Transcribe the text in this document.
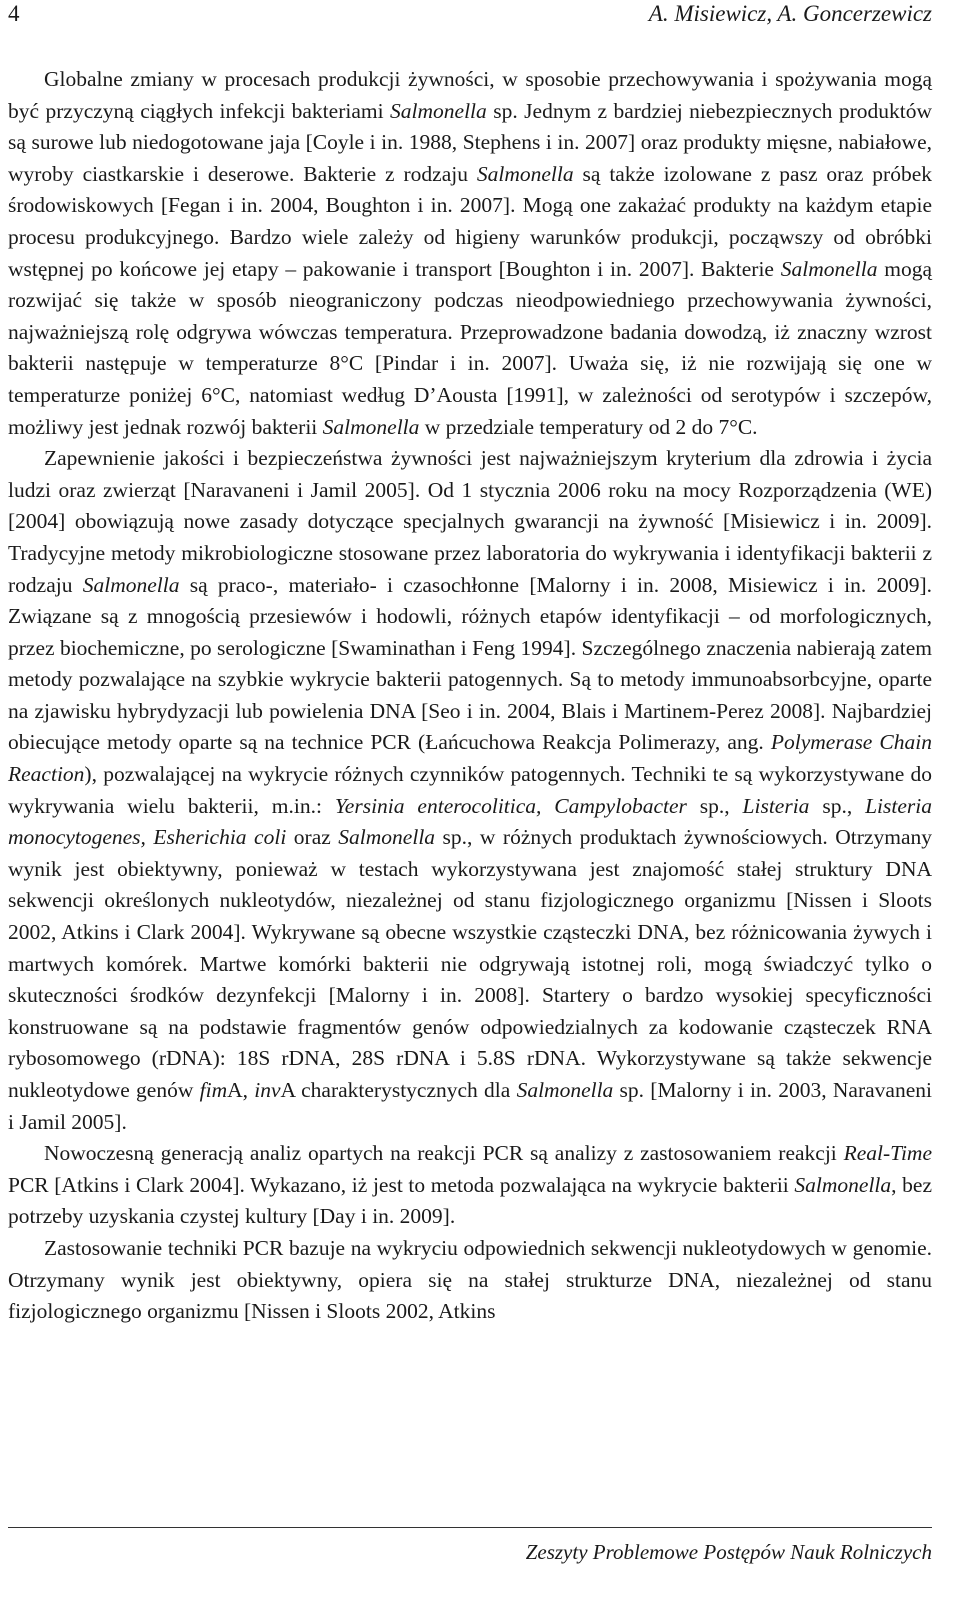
4	A. Misiewicz, A. Goncerzewicz

Globalne zmiany w procesach produkcji żywności, w sposobie przechowywania i spożywania mogą być przyczyną ciągłych infekcji bakteriami Salmonella sp. Jednym z bardziej niebezpiecznych produktów są surowe lub niedogotowane jaja [Coyle i in. 1988, Stephens i in. 2007] oraz produkty mięsne, nabiałowe, wyroby ciastkarskie i deserowe. Bakterie z rodzaju Salmonella są także izolowane z pasz oraz próbek środowiskowych [Fegan i in. 2004, Boughton i in. 2007]. Mogą one zakażać produkty na każdym etapie procesu produkcyjnego. Bardzo wiele zależy od higieny warunków produkcji, począwszy od obróbki wstępnej po końcowe jej etapy – pakowanie i transport [Boughton i in. 2007]. Bakterie Salmonella mogą rozwijać się także w sposób nieograniczony podczas nieodpowiedniego przechowywania żywności, najważniejszą rolę odgrywa wówczas temperatura. Przeprowadzone badania dowodzą, iż znaczny wzrost bakterii następuje w temperaturze 8°C [Pindar i in. 2007]. Uważa się, iż nie rozwijają się one w temperaturze poniżej 6°C, natomiast według D’Aousta [1991], w zależności od serotypów i szczepów, możliwy jest jednak rozwój bakterii Salmonella w przedziale temperatury od 2 do 7°C.

Zapewnienie jakości i bezpieczeństwa żywności jest najważniejszym kryterium dla zdrowia i życia ludzi oraz zwierząt [Naravaneni i Jamil 2005]. Od 1 stycznia 2006 roku na mocy Rozporządzenia (WE) [2004] obowiązują nowe zasady dotyczące specjalnych gwarancji na żywność [Misiewicz i in. 2009]. Tradycyjne metody mikrobiologiczne stosowane przez laboratoria do wykrywania i identyfikacji bakterii z rodzaju Salmonella są praco-, materiało- i czasochłonne [Malorny i in. 2008, Misiewicz i in. 2009]. Związane są z mnogością przesiewów i hodowli, różnych etapów identyfikacji – od morfologicznych, przez biochemiczne, po serologiczne [Swaminathan i Feng 1994]. Szczególnego znaczenia nabierają zatem metody pozwalające na szybkie wykrycie bakterii patogennych. Są to metody immunoabsorbcyjne, oparte na zjawisku hybrydyzacji lub powielenia DNA [Seo i in. 2004, Blais i Martinem-Perez 2008]. Najbardziej obiecujące metody oparte są na technice PCR (Łańcuchowa Reakcja Polimerazy, ang. Polymerase Chain Reaction), pozwalającej na wykrycie różnych czynników patogennych. Techniki te są wykorzystywane do wykrywania wielu bakterii, m.in.: Yersinia enterocolitica, Campylobacter sp., Listeria sp., Listeria monocytogenes, Esherichia coli oraz Salmonella sp., w różnych produktach żywnościowych. Otrzymany wynik jest obiektywny, ponieważ w testach wykorzystywana jest znajomość stałej struktury DNA sekwencji określonych nukleotydów, niezależnej od stanu fizjologicznego organizmu [Nissen i Sloots 2002, Atkins i Clark 2004]. Wykrywane są obecne wszystkie cząsteczki DNA, bez różnicowania żywych i martwych komórek. Martwe komórki bakterii nie odgrywają istotnej roli, mogą świadczyć tylko o skuteczności środków dezynfekcji [Malorny i in. 2008]. Startery o bardzo wysokiej specyficzności konstruowane są na podstawie fragmentów genów odpowiedzialnych za kodowanie cząsteczek RNA rybosomowego (rDNA): 18S rDNA, 28S rDNA i 5.8S rDNA. Wykorzystywane są także sekwencje nukleotydowe genów fimA, invA charakterystycznych dla Salmonella sp. [Malorny i in. 2003, Naravaneni i Jamil 2005].

Nowoczesną generacją analiz opartych na reakcji PCR są analizy z zastosowaniem reakcji Real-Time PCR [Atkins i Clark 2004]. Wykazano, iż jest to metoda pozwalająca na wykrycie bakterii Salmonella, bez potrzeby uzyskania czystej kultury [Day i in. 2009].

Zastosowanie techniki PCR bazuje na wykryciu odpowiednich sekwencji nukleotydowych w genomie. Otrzymany wynik jest obiektywny, opiera się na stałej strukturze DNA, niezależnej od stanu fizjologicznego organizmu [Nissen i Sloots 2002, Atkins

Zeszyty Problemowe Postępów Nauk Rolniczych
